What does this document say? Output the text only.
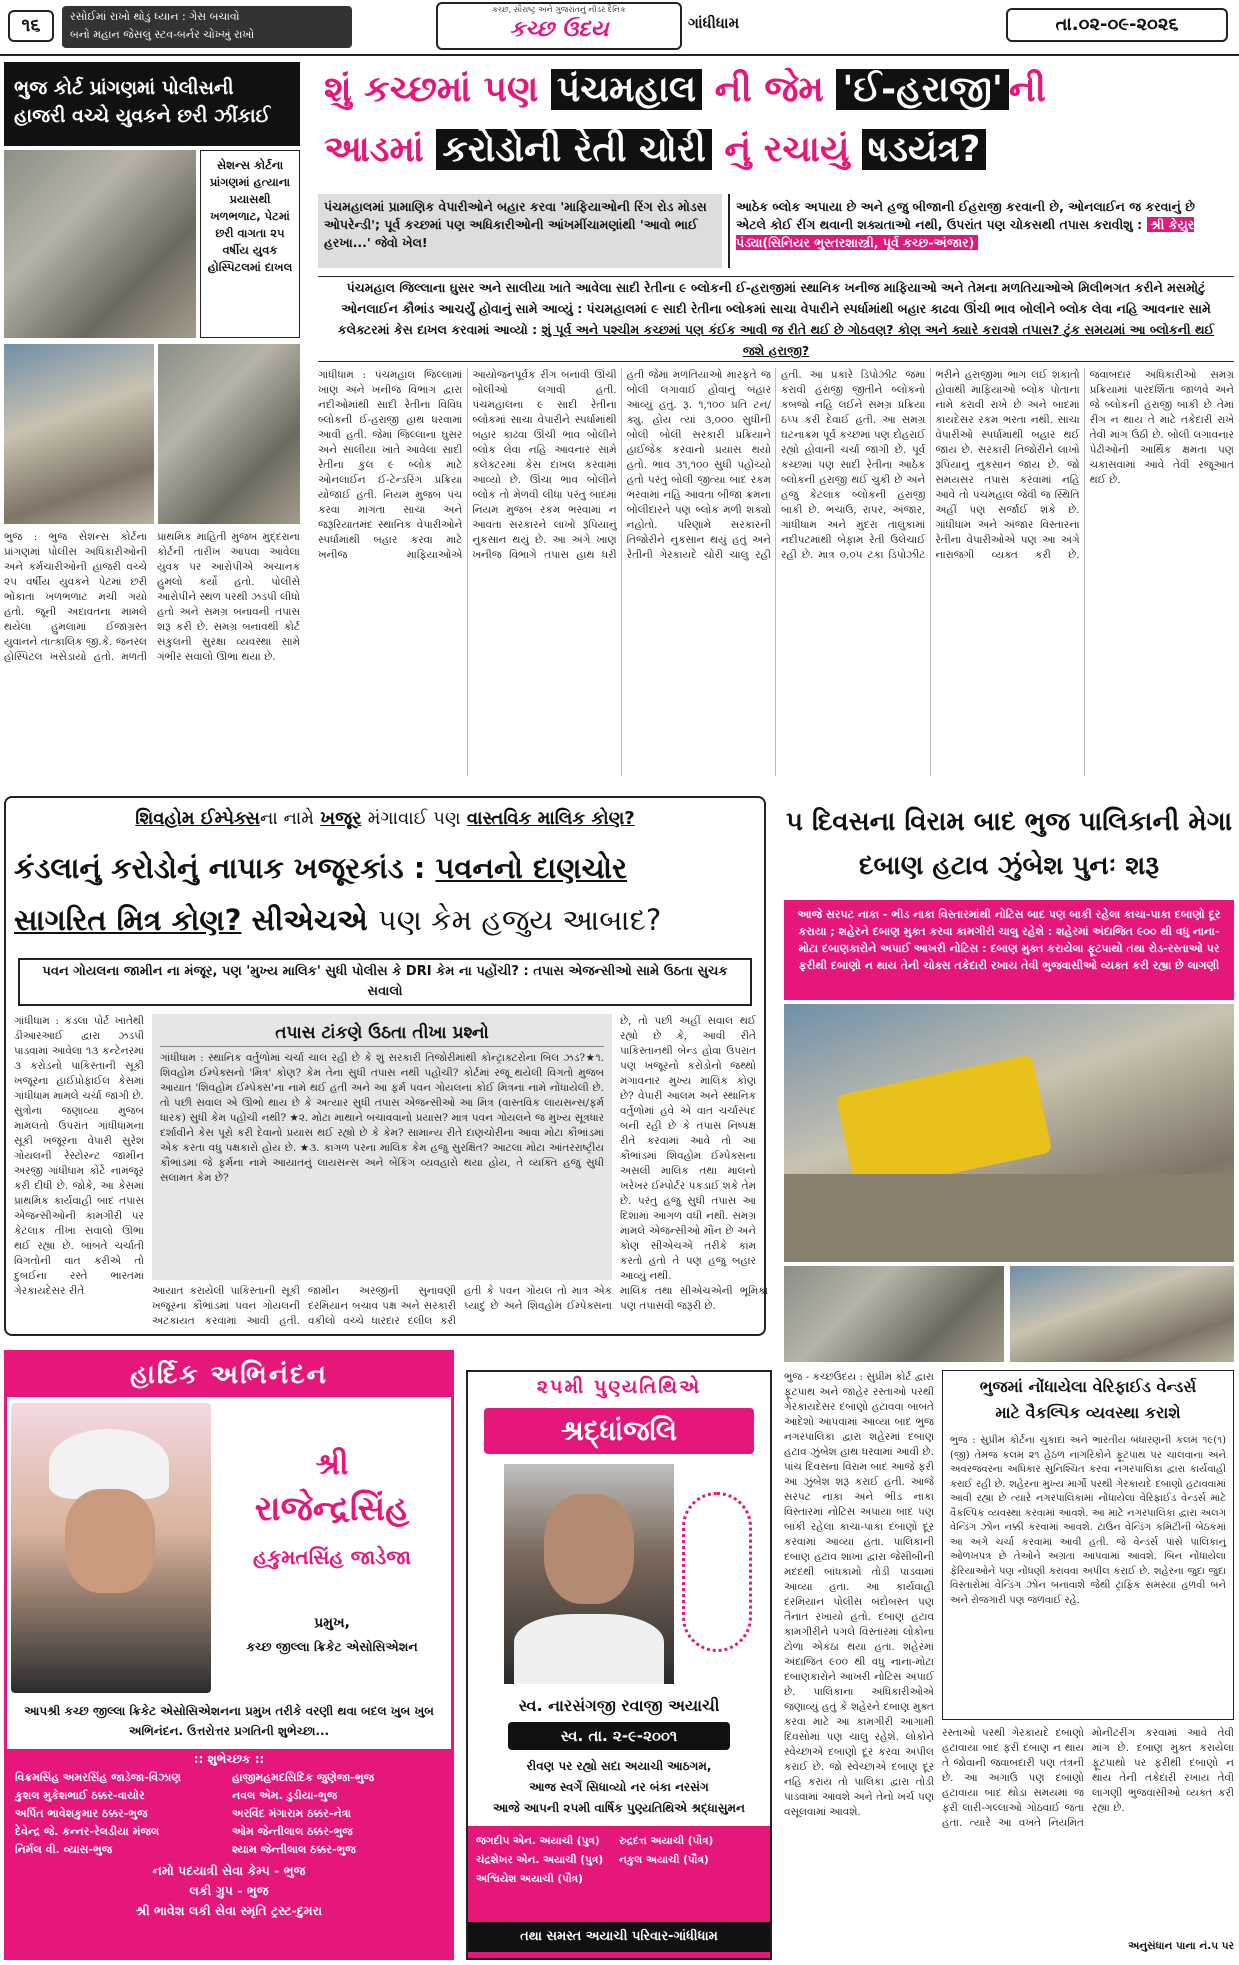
૧૬	રસોઈમાં રાખો થોડું ધ્યાન : ગેસ બચાવો
બનો મહાન જેસલું સ્ટવ-બર્નર ચોખ્ખું રાખો
કચ્છ, સૌરાષ્ટ્ર અને ગુજરાતનું નીડર દૈનિક
કચ્છ ઉદય	ગાંધીધામ	તા.૦૨-૦૯-૨૦૨૬
ભુજ કોર્ટ પ્રાંગણમાં પોલીસની હાજરી વચ્ચે યુવકને છરી ઝીંકાઈ
સેશન્સ કોર્ટના પ્રાંગણમાં હત્યાના પ્રયાસથી ખળભળાટ, પેટમાં છરી વાગતા ૨૫ વર્ષીય યુવક હોસ્પિટલમાં દાખલ
ભુજ : ભુજ સેશન્સ કોર્ટના પ્રાંગણમાં પોલીસ અધિકારીઓની અને કર્મચારીઓની હાજરી વચ્ચે ૨૫ વર્ષીય યુવકને પેટમાં છરી ભોંકાતા ખળભળાટ મચી ગયો હતો. જૂની અદાવતના મામલે થયેલા હુમલામાં ઈજાગ્રસ્ત યુવાનને તાત્કાલિક જી.કે. જનરલ હોસ્પિટલ ખસેડાયો હતો. મળતી પ્રાથમિક માહિતી મુજબ મુદ્દરાના કોર્ટની તારીખ આપવા આવેલા યુવક પર આરોપીએ અચાનક હુમલો કર્યો હતો. પોલીસે આરોપીને સ્થળ પરથી ઝડપી લીધો હતો અને સમગ્ર બનાવની તપાસ શરૂ કરી છે. સમગ્ર બનાવથી કોર્ટ સંકુલની સુરક્ષા વ્યવસ્થા સામે ગંભીર સવાલો ઊભા થયા છે.
શું કચ્છમાં પણ પંચમહાલ ની જેમ 'ઈ-હરાજી' ની
આડમાં કરોડોની રેતી ચોરી નું રચાયું ષડયંત્ર?
પંચમહાલમાં પ્રામાણિક વેપારીઓને બહાર કરવા 'માફિયાઓની રિંગ રોડ મોડસ ઓપરેન્ડી'; પૂર્વ કચ્છમાં પણ અધિકારીઓની આંખમીંચામણાંથી 'આવો ભાઈ હરખા...' જેવો ખેલ!
આઠેક બ્લોક અપાયા છે અને હજુ બીજાની ઈહરાજી કરવાની છે, ઓનલાઈન જ કરવાનું છે એટલે કોઈ રીંગ થવાની શક્યતાઓ નથી, ઉપરાંત પણ ચોકસથી તપાસ કરાવીશુ : શ્રી કેયુર પંડ્યા(સિનિયર ભુસ્તરશાસ્ત્રી, પૂર્વ કચ્છ-અંજાર)
પંચમહાલ જિલ્લાના ઘુસર અને સાલીયા ખાતે આવેલા સાદી રેતીના ૯ બ્લોકની ઈ-હરાજીમાં સ્થાનિક ખનીજ માફિયાઓ અને તેમના મળતિયાઓએ મિલીભગત કરીને મસમોટું ઓનલાઈન કૌભાંડ આચર્યું હોવાનું સામે આવ્યું : પંચમહાલમાં ૯ સાદી રેતીના બ્લોકમાં સાચા વેપારીને સ્પર્ધામાંથી બહાર કાઢવા ઊંચી ભાવ બોલીને બ્લોક લેવા નહિ આવનાર સામે કલેક્ટરમાં કેસ દાખલ કરવામાં આવ્યો : શું પૂર્વ અને પશ્ચીમ કચ્છમાં પણ કંઈક આવી જ રીતે થઈ છે ગોઠવણ? કોણ અને ક્યારે કરાવશે તપાસ? ટુંક સમયમાં આ બ્લોકની થઈ જશે હરાજી?
ગાંધીધામ : પંચમહાલ જિલ્લામાં ખાણ અને ખનીજ વિભાગ દ્વારા નદીઓમાંથી સાદી રેતીના વિવિધ બ્લોકની ઈ-હરાજી હાથ ધરવામાં આવી હતી. જેમાં જિલ્લાના ઘુસર અને સાલીયા ખાતે આવેલા સાદી રેતીના કુલ ૯ બ્લોક માટે ઓનલાઈન ઈ-ટેન્ડરિંગ પ્રક્રિયા યોજાઈ હતી. નિયમ મુજબ પંચ કરવા માંગતા સાચા અને જરૂરિયાતમંદ સ્થાનિક વેપારીઓને સ્પર્ધામાંથી બહાર કરવા માટે ખનીજ માફિયાઓએ આયોજનપૂર્વક રીંગ બનાવી ઊંચી બોલીઓ લગાવી હતી. પંચમહાલના ૯ સાદી રેતીના બ્લોકમાં સાચા વેપારીને સ્પર્ધામાંથી બહાર કાઢવા ઊંચી ભાવ બોલીને બ્લોક લેવા નહિ આવનાર સામે કલેક્ટરમાં કેસ દાખલ કરવામાં આવ્યો છે. ઊંચા ભાવ બોલીને બ્લોક તો મેળવી લીધા પરંતુ બાદમાં નિયમ મુજબ રકમ ભરવામાં ન આવતા સરકારને લાખો રૂપિયાનું નુકસાન થયું છે. આ અંગે ખાણ ખનીજ વિભાગે તપાસ હાથ ધરી હતી જેમાં મળતિયાઓ મારફતે જ બોલી લગાવાઈ હોવાનું બહાર આવ્યું હતું. રૂ. ૧,૧૦૦ પ્રતિ ટન/ક્યુ. હોય ત્યાં ૩,૦૦૦ સુધીની બોલી બોલી સરકારી પ્રક્રિયાને હાઈજેક કરવાનો પ્રયાસ થયો હતો. ભાવ ૩૧,૧૦૦ સુધી પહોંચ્યો હતો પરંતુ બોલી જીત્યા બાદ રકમ ભરવામાં નહિ આવતા બીજા ક્રમના બોલીદારને પણ બ્લોક મળી શક્યો નહોતો. પરિણામે સરકારની તિજોરીને નુકસાન થયું હતું અને રેતીની ગેરકાયદે ચોરી ચાલુ રહી હતી. આ પ્રકારે ડિપોઝીટ જમા કરાવી હરાજી જીતીને બ્લોકનો કબજો નહિ લઈને સમગ્ર પ્રક્રિયા ઠપ્પ કરી દેવાઈ હતી. આ સમગ્ર ઘટનાક્રમ પૂર્વ કચ્છમાં પણ દોહરાઈ રહ્યો હોવાની ચર્ચા જાગી છે. પૂર્વ કચ્છમાં પણ સાદી રેતીના આઠેક બ્લોકની હરાજી થઈ ચુકી છે અને હજુ કેટલાક બ્લોકની હરાજી બાકી છે. ભચાઉ, રાપર, અંજાર, ગાંધીધામ અને મુંદરા તાલુકામાં નદીપટમાંથી બેફામ રેતી ઉલેચાઈ રહી છે. માત્ર ૦.૦૫ ટકા ડિપોઝીટ ભરીને હરાજીમાં ભાગ લઈ શકાતો હોવાથી માફિયાઓ બ્લોક પોતાના નામે કરાવી રાખે છે અને બાદમાં કાયદેસર રકમ ભરતા નથી. સાચા વેપારીઓ સ્પર્ધામાંથી બહાર થઈ જાય છે. સરકારી તિજોરીને લાખો રૂપિયાનું નુકસાન જાય છે. જો સમયસર તપાસ કરવામાં નહિ આવે તો પંચમહાલ જેવી જ સ્થિતિ અહીં પણ સર્જાઈ શકે છે. ગાંધીધામ અને અંજાર વિસ્તારના રેતીના વેપારીઓએ પણ આ અંગે નારાજગી વ્યક્ત કરી છે. જવાબદાર અધિકારીઓ સમગ્ર પ્રક્રિયામાં પારદર્શિતા જાળવે અને જે બ્લોકની હરાજી બાકી છે તેમાં રીંગ ન થાય તે માટે તકેદારી રાખે તેવી માંગ ઉઠી છે. બોલી લગાવનાર પેઢીઓની આર્થિક ક્ષમતા પણ ચકાસવામાં આવે તેવી રજૂઆત થઈ છે.
શિવહોમ ઈમ્પેક્સના નામે ખજૂર મંગાવાઈ પણ વાસ્તવિક માલિક કોણ?
કંડલાનું કરોડોનું નાપાક ખજૂરકાંડ : પવનનો દાણચોર
સાગરિત મિત્ર કોણ? સીએચએ પણ કેમ હજુય આબાદ?
પવન ગોયલના જામીન ના મંજૂર, પણ 'મુખ્ય માલિક' સુધી પોલીસ કે DRI કેમ ના પહોંચી? : તપાસ એજન્સીઓ સામે ઉઠતા સુચક સવાલો
ગાંધીધામ : કંડલા પોર્ટ ખાતેથી ડીઆરઆઈ દ્વારા ઝડપી પાડવામાં આવેલા ૧૩ કન્ટેનરમાં ૩ કરોડનો પાકિસ્તાની સૂકી ખજૂરના હાઈપ્રોફાઈલ કેસમાં ગાંધીધામ મામલે ચર્ચા જાગી છે. સુત્રોના જણાવ્યા મુજબ મામલતો ઉપરાંત ગાંધીધામના સૂકી ખજૂરના વેપારી સુરેશ ગોયલની રેસ્ટોરન્ટ જામીન અરજી ગાંધીધામ કોર્ટે નામંજૂર કરી દીધી છે. જોકે, આ કેસમાં પ્રાથમિક કાર્યવાહી બાદ તપાસ એજન્સીઓની કામગીરી પર કેટલાક તીખા સવાલો ઊભા થઈ રહ્યા છે. બાબતે ચર્ચાતી વિગતોની વાત કરીએ તો દુબઈના રસ્તે ભારતમાં ગેરકાયદેસર રીતે
તપાસ ટાંકણે ઉઠતા તીખા પ્રશ્નો
ગાંધીધામ : સ્થાનિક વર્તુળોમાં ચર્ચા ચાલ રહી છે કે શું સરકારી તિજોરીમાંથી કોન્ટ્રાક્ટરોના બિલ ઝડ?★૧. શિવહોમ ઈમ્પેક્સનો 'મિત્ર' કોણ? કેમ તેના સુધી તપાસ નથી પહોંચી? કોર્ટમાં રજૂ થયેલી વિગતો મુજબ આયાત 'શિવહોમ ઈમ્પેક્સ'ના નામે થઈ હતી અને આ ફર્મ પવન ગોયલના કોઈ મિત્રના નામે નોંધાયેલી છે. તો પછી સવાલ એ ઊભો થાય છે કે અત્યાર સુધી તપાસ એજન્સીઓ આ મિત્ર (વાસ્તવિક લાયસન્સ/ફર્મ ધારક) સુધી કેમ પહોંચી નથી? ★૨. મોટા માથાને બચાવવાનો પ્રયાસ? માત્ર પવન ગોયલને જ મુખ્ય સૂત્રધાર દર્શાવીને કેસ પૂરો કરી દેવાનો પ્રયાસ થઈ રહ્યો છે કે કેમ? સામાન્ય રીતે દાણચોરીના આવા મોટા કૌભાંડમાં એક કરતા વધુ પક્ષકારો હોય છે. ★૩. કાગળ પરના માલિક કેમ હજુ સુરક્ષિત? આટલા મોટા આંતરરાષ્ટ્રીય કૌભાંડમાં જે ફર્મના નામે આયાતનું લાયસન્સ અને બેંકિંગ વ્યવહારો થયા હોય, તે વ્યક્તિ હજુ સુધી સલામત કેમ છે?
છે, તો પછી અહીં સવાલ થઈ રહ્યો છે કે, આવી રીતે પાકિસ્તાનથી બેન્ડ હોવા ઉપરાંત પણ ખજૂરનો કરોડોનો જથ્થો મંગાવનાર મુખ્ય માલિક કોણ છે? વેપારી આલમ અને સ્થાનિક વર્તુળોમાં હવે એ વાત ચર્ચાસ્પદ બની રહી છે કે તપાસ નિષ્પક્ષ રીતે કરવામાં આવે તો આ કૌભાંડમાં શિવહોમ ઈમ્પેક્સના અસલી માલિક તથા માલનો ખરેખર ઈમ્પોર્ટર પકડાઈ શકે તેમ છે. પરંતુ હજુ સુધી તપાસ આ દિશામાં આગળ વધી નથી. સમગ્ર મામલે એજન્સીઓ મૌન છે અને કોણ સીએચએ તરીકે કામ કરતો હતો તે પણ હજુ બહાર આવ્યું નથી.
આયાત કરાયેલી પાકિસ્તાની સૂકી ખજૂરના કૌભાંડમાં પવન ગોયલની અટકાયત કરવામાં આવી હતી. જામીન અરજીની સુનાવણી દરમિયાન બચાવ પક્ષ અને સરકારી વકીલો વચ્ચે ધારદાર દલીલ કરી હતી કે પવન ગોયલ તો માત્ર એક પ્યાદું છે અને શિવહોમ ઈમ્પેક્સના માલિક તથા સીએચએની ભૂમિકા પણ તપાસવી જરૂરી છે.
૫ દિવસના વિરામ બાદ ભુજ પાલિકાની મેગા દબાણ હટાવ ઝુંબેશ પુનઃ શરૂ
આજે સરપટ નાકા - ભીડ નાકા વિસ્તારમાંથી નોટિસ બાદ પણ બાકી રહેલા કાચા-પાકા દબાણો દૂર કરાયા ; શહેરને દબાણ મુક્ત કરવા કામગીરી ચાલુ રહેશે : શહેરમાં અંદાજિત ૯૦૦ થી વધુ નાના-મોટા દબાણકારોને અપાઈ આખરી નોટિસ : દબાણ મુક્ત કરાયેલા ફૂટપાથો તથા રોડ-રસ્તાઓ પર ફરીથી દબાણો ન થાય તેની ચોક્સ તકેદારી રખાય તેવી ભુજવાસીઓ વ્યક્ત કરી રહ્યા છે લાગણી
ભુજ - કચ્છઉદય : સુપ્રીમ કોર્ટ દ્વારા ફૂટપાથ અને જાહેર રસ્તાઓ પરથી ગેરકાયદેસર દબાણો હટાવવા બાબતે આદેશો આપવામાં આવ્યા બાદ ભુજ નગરપાલિકા દ્વારા શહેરમાં દબાણ હટાવ ઝુંબેશ હાથ ધરવામાં આવી છે. પાંચ દિવસના વિરામ બાદ આજે ફરી આ ઝુંબેશ શરૂ કરાઈ હતી. આજે સરપટ નાકા અને ભીડ નાકા વિસ્તારમાં નોટિસ અપાયા બાદ પણ બાકી રહેલા કાચા-પાકા દબાણો દૂર કરવામાં આવ્યા હતા. પાલિકાની દબાણ હટાવ શાખા દ્વારા જેસીબીની મદદથી બાંધકામો તોડી પાડવામાં આવ્યા હતા. આ કાર્યવાહી દરમિયાન પોલીસ બંદોબસ્ત પણ તૈનાત રખાયો હતો. દબાણ હટાવ કામગીરીને પગલે વિસ્તારમાં લોકોના ટોળા એકઠા થયા હતા. શહેરમાં અંદાજિત ૯૦૦ થી વધુ નાના-મોટા દબાણકારોને આખરી નોટિસ અપાઈ છે. પાલિકાના અધિકારીઓએ જણાવ્યું હતું કે શહેરને દબાણ મુક્ત કરવા માટે આ કામગીરી આગામી દિવસોમાં પણ ચાલુ રહેશે. લોકોને સ્વેચ્છાએ દબાણો દૂર કરવા અપીલ કરાઈ છે. જો સ્વેચ્છાએ દબાણ દૂર નહિ કરાય તો પાલિકા દ્વારા તોડી પાડવામાં આવશે અને તેનો ખર્ચ પણ વસૂલવામાં આવશે.
રસ્તાઓ પરથી ગેરકાયદે દબાણો હટાવાયા બાદ ફરી દબાણ ન થાય તે જોવાની જવાબદારી પણ તંત્રની છે. આ અગાઉ પણ દબાણો હટાવાયા બાદ થોડા સમયમાં જ ફરી લારી-ગલ્લાઓ ગોઠવાઈ જતા હતા. ત્યારે આ વખતે નિયમિત મોનીટરીંગ કરવામાં આવે તેવી માંગ છે. દબાણ મુક્ત કરાયેલા ફૂટપાથો પર ફરીથી દબાણો ન થાય તેની તકેદારી રખાય તેવી લાગણી ભુજવાસીઓ વ્યક્ત કરી રહ્યા છે.
અનુસંધાન પાના નં.૫ પર
ભુજમાં નોંધાયેલા વેરિફાઈડ વેન્ડર્સ
માટે વૈકલ્પિક વ્યવસ્થા કરાશે
ભુજ : સુપ્રીમ કોર્ટના ચુકાદા અને ભારતીય બંધારણની કલમ ૧૯(૧)(જી) તેમજ કલમ ૨૧ હેઠળ નાગરિકોને ફૂટપાથ પર ચાલવાના અને અવરજવરના અધિકાર સુનિશ્ચિત કરવા નગરપાલિકા દ્વારા કાર્યવાહી કરાઈ રહી છે. શહેરના મુખ્ય માર્ગો પરથી ગેરકાયદે દબાણો હટાવવામાં આવી રહ્યા છે ત્યારે નગરપાલિકામાં નોંધાયેલા વેરિફાઈડ વેન્ડર્સ માટે વૈકલ્પિક વ્યવસ્થા કરવામાં આવશે. આ માટે નગરપાલિકા દ્વારા અલગ વેન્ડિંગ ઝોન નક્કી કરવામાં આવશે. ટાઉન વેન્ડિંગ કમિટીની બેઠકમાં આ અંગે ચર્ચા કરવામાં આવી હતી. જે વેન્ડર્સ પાસે પાલિકાનું ઓળખપત્ર છે તેઓને અગ્રતા આપવામાં આવશે. બિન નોંધાયેલા ફેરિયાઓને પણ નોંધણી કરાવવા અપીલ કરાઈ છે. શહેરના જુદા જુદા વિસ્તારોમાં વેન્ડિંગ ઝોન બનાવાશે જેથી ટ્રાફિક સમસ્યા હળવી બને અને રોજગારી પણ જળવાઈ રહે.
હાર્દિક અભિનંદન
શ્રી
રાજેન્દ્રસિંહ
હકુમતસિંહ જાડેજા
પ્રમુખ,
કચ્છ જીલ્લા ક્રિકેટ એસોસિએશન
આપશ્રી કચ્છ જીલ્લા ક્રિકેટ એસોસિએશનના પ્રમુખ તરીકે વરણી થવા બદલ ખુબ ખુબ અભિનંદન. ઉત્તરોત્તર પ્રગતિની શુભેચ્છા...
:: શુભેચ્છક ::
વિક્રમસિંહ અમરસિંહ જાડેજા-વિંઝાણ	હાજીમહમદસિદિક જુણેજા-ભુજ
કુશલ મુકેશભાઈ ઠક્કર-વાયોર	નવલ એમ. ડુડીયા-ભુજ
અર્પિત ભાવેશકુમાર ઠક્કર-ભુજ	અરવિંદ મંગારામ ઠક્કર-નેત્રા
દેવેન્દ્ર જે. કન્નર-રેલડીયા મંજલ	ઓમ જેન્તીલાલ ઠક્કર-ભુજ
નિર્મલ વી. વ્યાસ-ભુજ	શ્યામ જેન્તીલાલ ઠક્કર-ભુજ
નમો પદયાત્રી સેવા કેમ્પ - ભુજ
લકી ગ્રુપ - ભુજ
શ્રી ભાવેશ લકી સેવા સ્મૃતિ ટ્રસ્ટ-દુમરા
૨૫મી પુણ્યતિથિએ
શ્રદ્ધાંજલિ
સ્વ. નારસંગજી રવાજી અયાચી
સ્વ. તા. ૨-૯-૨૦૦૧
રીવણ પર રહ્યો સદા અયાચી આઠગમ,
આજ સ્વર્ગે સિધાવ્યો નર બંકા નરસંગ
આજે આપની ૨૫મી વાર્ષિક પુણ્યતિથિએ શ્રદ્ધાસુમન
જગદીપ એન. અયાચી (પુત્ર)	રુદ્રદત્ત અયાચી (પૌત્ર)
ચંદ્રશેખર એન. અયાચી (પુત્ર)	નકુલ અયાચી (પૌત્ર)
અશ્વિયેશ અયાચી (પૌત્ર)
તથા સમસ્ત અયાચી પરિવાર-ગાંધીધામ
